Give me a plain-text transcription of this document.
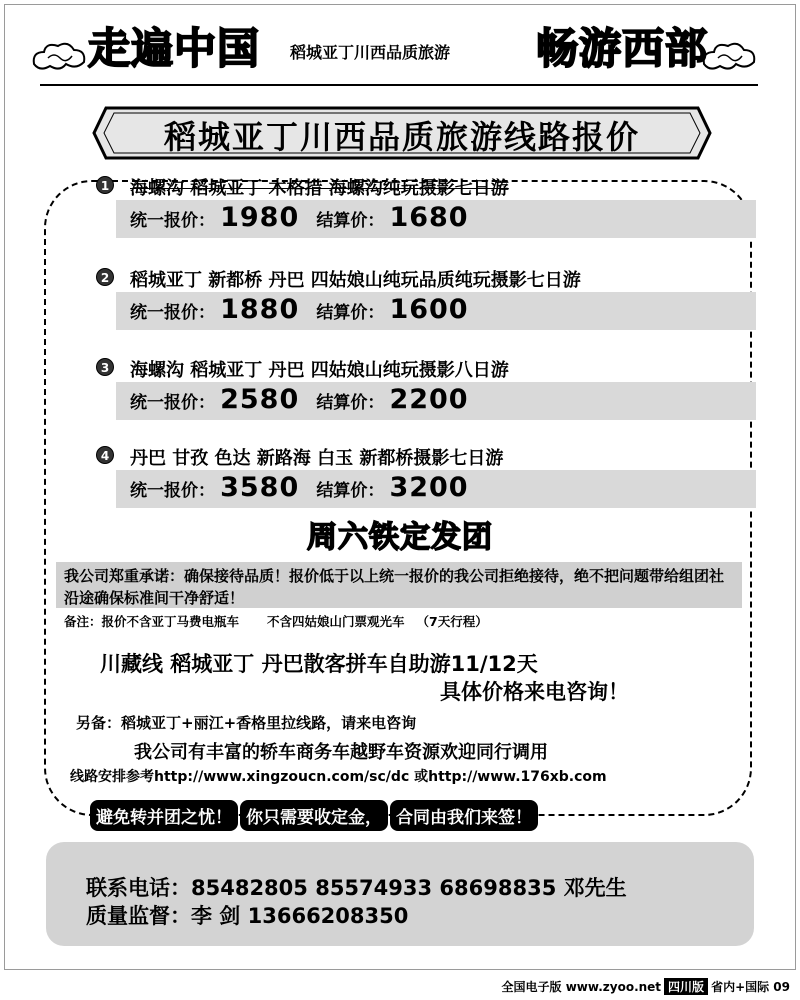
走遍中国 稻城亚丁川西品质旅游 畅游西部
稻城亚丁川西品质旅游线路报价
1 海螺沟 稻城亚丁 木格措 海螺沟纯玩摄影七日游
统一报价： 1980 结算价： 1680
2 稻城亚丁 新都桥 丹巴 四姑娘山纯玩品质纯玩摄影七日游
统一报价： 1880 结算价： 1600
3 海螺沟 稻城亚丁 丹巴 四姑娘山纯玩摄影八日游
统一报价： 2580 结算价： 2200
4 丹巴 甘孜 色达 新路海 白玉 新都桥摄影七日游
统一报价： 3580 结算价： 3200
周六铁定发团
我公司郑重承诺：确保接待品质！报价低于以上统一报价的我公司拒绝接待，绝不把问题带给组团社 沿途确保标准间干净舒适！
备注：报价不含亚丁马费电瓶车 不含四姑娘山门票观光车 （7天行程）
川藏线 稻城亚丁 丹巴散客拼车自助游11/12天
具体价格来电咨询！
另备：稻城亚丁+丽江+香格里拉线路，请来电咨询
我公司有丰富的轿车商务车越野车资源欢迎同行调用
线路安排参考http://www.xingzoucn.com/sc/dc 或http://www.176xb.com
避免转并团之忧！ 你只需要收定金， 合同由我们来签！
联系电话：85482805 85574933 68698835 邓先生
质量监督：李 剑 13666208350
全国电子版 www.zyoo.net 四川版 省内+国际 09
